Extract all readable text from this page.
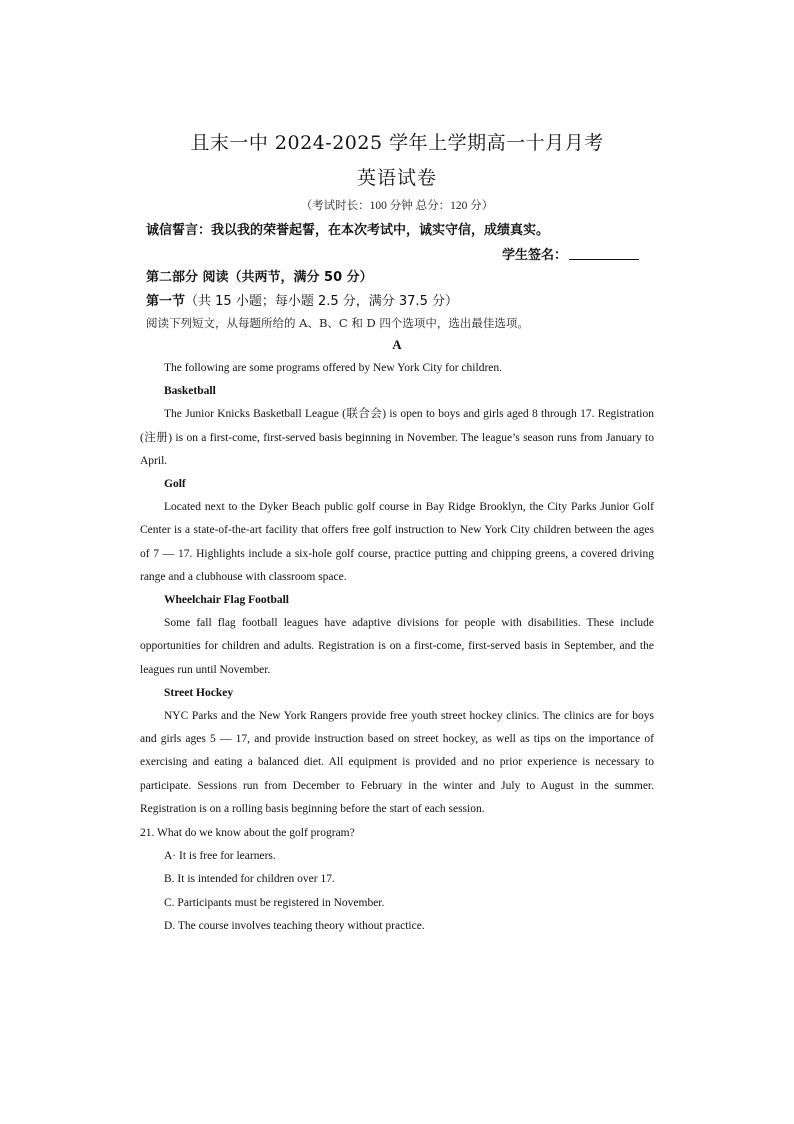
且末一中 2024-2025 学年上学期高一十月月考
英语试卷
（考试时长：100 分钟 总分：120 分）
诚信誓言：我以我的荣誉起誓，在本次考试中，诚实守信，成绩真实。
学生签名：
第二部分 阅读（共两节，满分 50 分）
第一节（共 15 小题；每小题 2.5 分，满分 37.5 分）
阅读下列短文，从每题所给的 A、B、C 和 D 四个选项中，选出最佳选项。
A

The following are some programs offered by New York City for children.

Basketball

The Junior Knicks Basketball League (联合会) is open to boys and girls aged 8 through 17. Registration (注册) is on a first-come, first-served basis beginning in November. The league’s season runs from January to April.

Golf

Located next to the Dyker Beach public golf course in Bay Ridge Brooklyn, the City Parks Junior Golf Center is a state-of-the-art facility that offers free golf instruction to New York City children between the ages of 7 — 17. Highlights include a six-hole golf course, practice putting and chipping greens, a covered driving range and a clubhouse with classroom space.

Wheelchair Flag Football

Some fall flag football leagues have adaptive divisions for people with disabilities. These include opportunities for children and adults. Registration is on a first-come, first-served basis in September, and the leagues run until November.

Street Hockey

NYC Parks and the New York Rangers provide free youth street hockey clinics. The clinics are for boys and girls ages 5 — 17, and provide instruction based on street hockey, as well as tips on the importance of exercising and eating a balanced diet. All equipment is provided and no prior experience is necessary to participate. Sessions run from December to February in the winter and July to August in the summer. Registration is on a rolling basis beginning before the start of each session.

21. What do we know about the golf program?

A· It is free for learners.

B. It is intended for children over 17.

C. Participants must be registered in November.

D. The course involves teaching theory without practice.
